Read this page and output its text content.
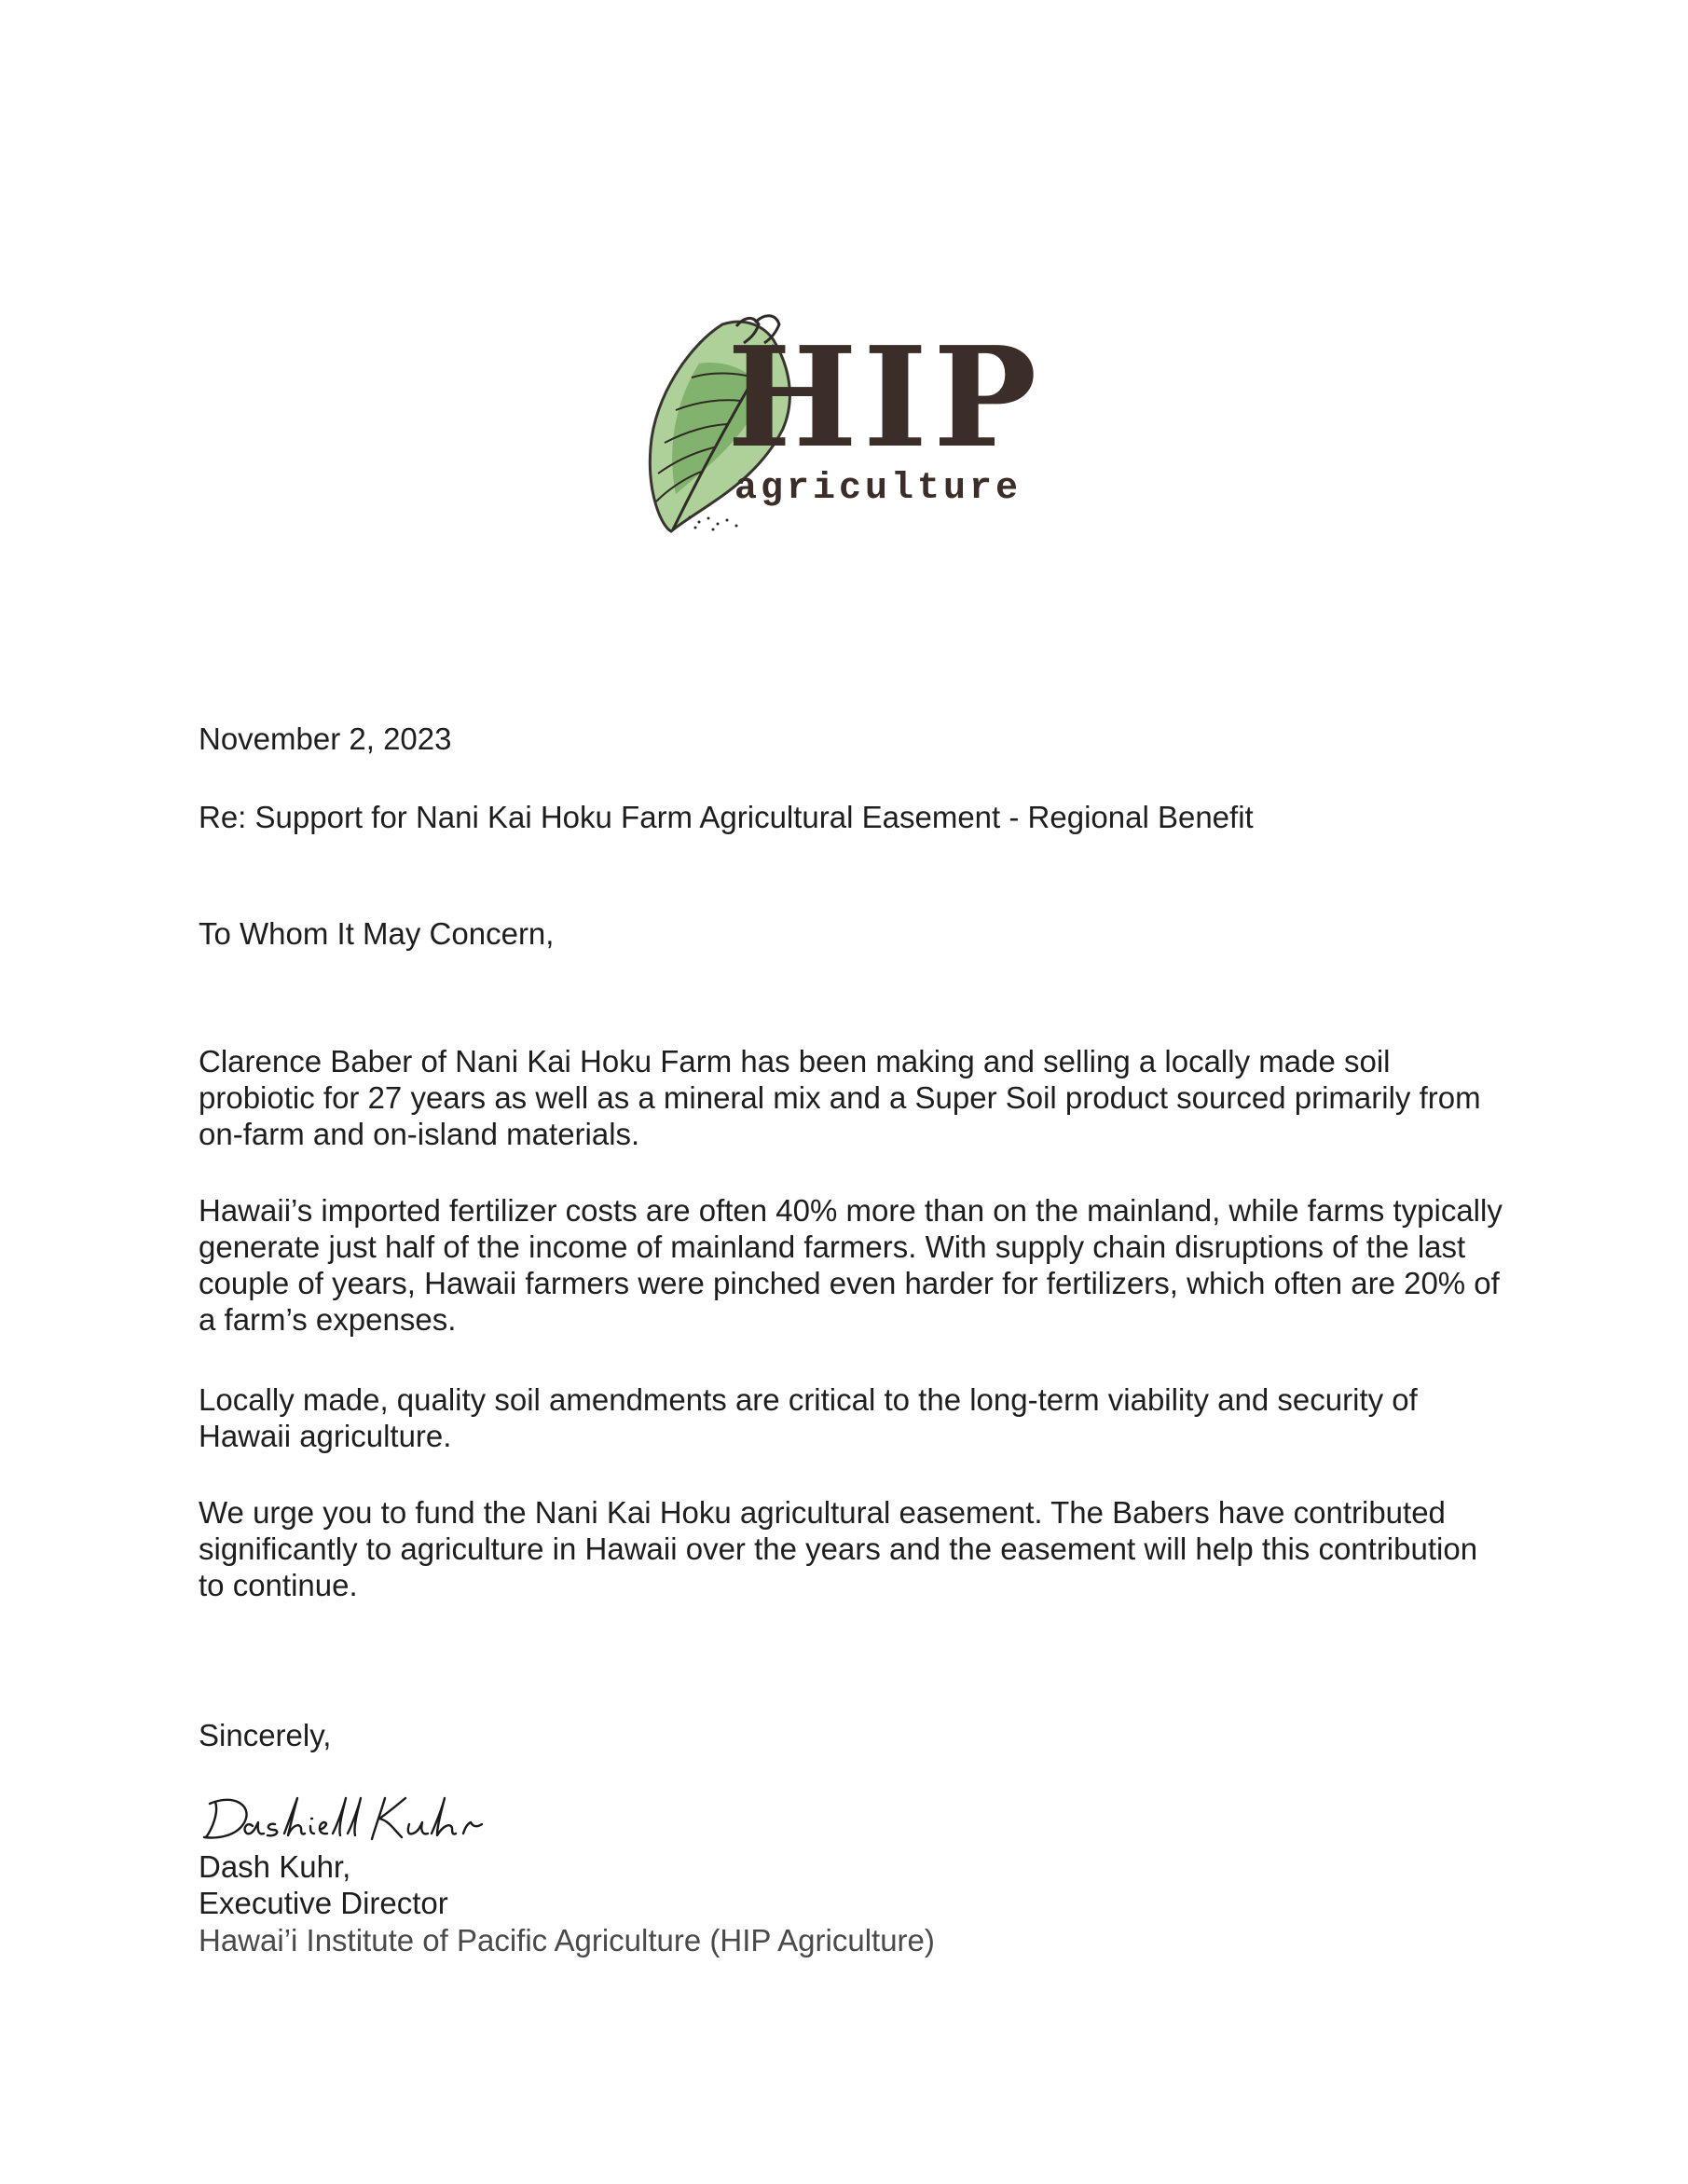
HIP
agriculture
November 2, 2023
Re: Support for Nani Kai Hoku Farm Agricultural Easement - Regional Benefit
To Whom It May Concern,
Clarence Baber of Nani Kai Hoku Farm has been making and selling a locally made soil
probiotic for 27 years as well as a mineral mix and a Super Soil product sourced primarily from
on-farm and on-island materials.
Hawaii’s imported fertilizer costs are often 40% more than on the mainland, while farms typically
generate just half of the income of mainland farmers. With supply chain disruptions of the last
couple of years, Hawaii farmers were pinched even harder for fertilizers, which often are 20% of
a farm’s expenses.
Locally made, quality soil amendments are critical to the long-term viability and security of
Hawaii agriculture.
We urge you to fund the Nani Kai Hoku agricultural easement. The Babers have contributed
significantly to agriculture in Hawaii over the years and the easement will help this contribution
to continue.
Sincerely,
Dash Kuhr,
Executive Director
Hawai’i Institute of Pacific Agriculture (HIP Agriculture)
